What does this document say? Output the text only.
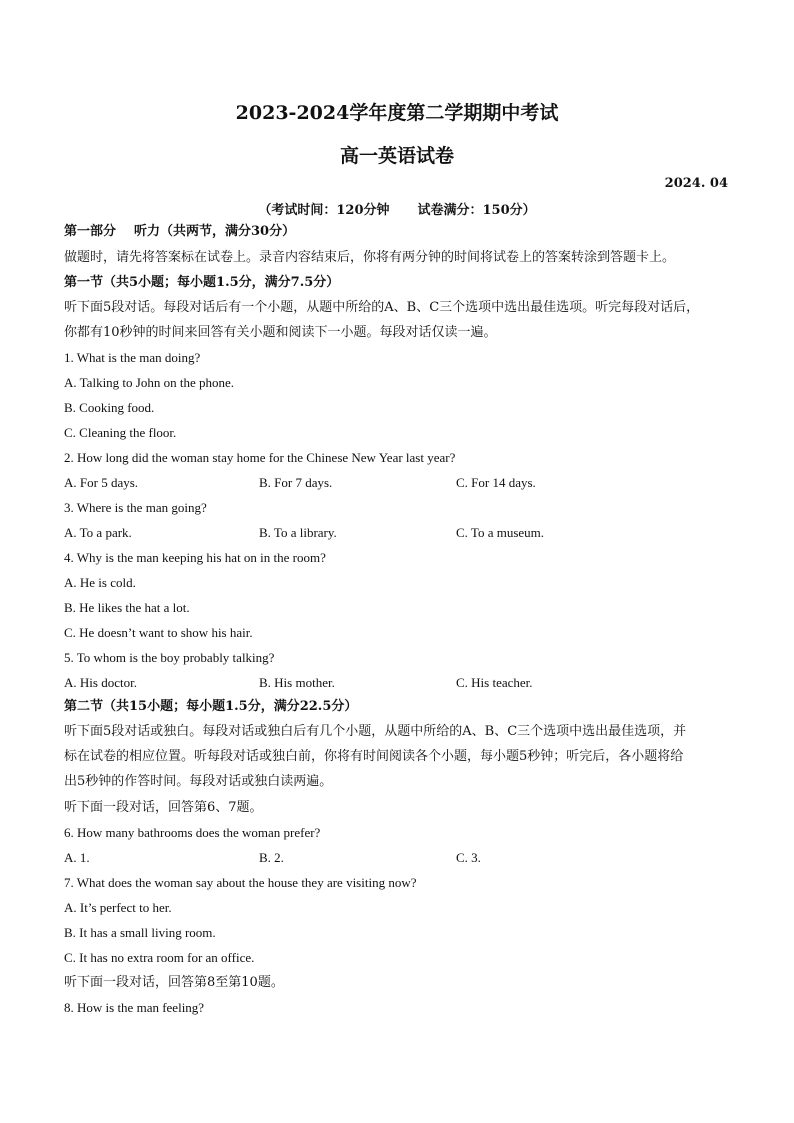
2023-2024学年度第二学期期中考试
高一英语试卷
2024. 04
（考试时间：120分钟 试卷满分：150分）
第一部分 听力（共两节，满分30分）
做题时，请先将答案标在试卷上。录音内容结束后，你将有两分钟的时间将试卷上的答案转涂到答题卡上。
第一节（共5小题；每小题1.5分，满分7.5分）
听下面5段对话。每段对话后有一个小题，从题中所给的A、B、C三个选项中选出最佳选项。听完每段对话后，
你都有10秒钟的时间来回答有关小题和阅读下一小题。每段对话仅读一遍。
1. What is the man doing?
A. Talking to John on the phone.
B. Cooking food.
C. Cleaning the floor.
2. How long did the woman stay home for the Chinese New Year last year?
A. For 5 days.	B. For 7 days.	C. For 14 days.
3. Where is the man going?
A. To a park.	B. To a library.	C. To a museum.
4. Why is the man keeping his hat on in the room?
A. He is cold.
B. He likes the hat a lot.
C. He doesn’t want to show his hair.
5. To whom is the boy probably talking?
A. His doctor.	B. His mother.	C. His teacher.
第二节（共15小题；每小题1.5分，满分22.5分）
听下面5段对话或独白。每段对话或独白后有几个小题，从题中所给的A、B、C三个选项中选出最佳选项，并
标在试卷的相应位置。听每段对话或独白前，你将有时间阅读各个小题，每小题5秒钟；听完后，各小题将给
出5秒钟的作答时间。每段对话或独白读两遍。
听下面一段对话，回答第6、7题。
6. How many bathrooms does the woman prefer?
A. 1.	B. 2.	C. 3.
7. What does the woman say about the house they are visiting now?
A. It’s perfect to her.
B. It has a small living room.
C. It has no extra room for an office.
听下面一段对话，回答第8至第10题。
8. How is the man feeling?
